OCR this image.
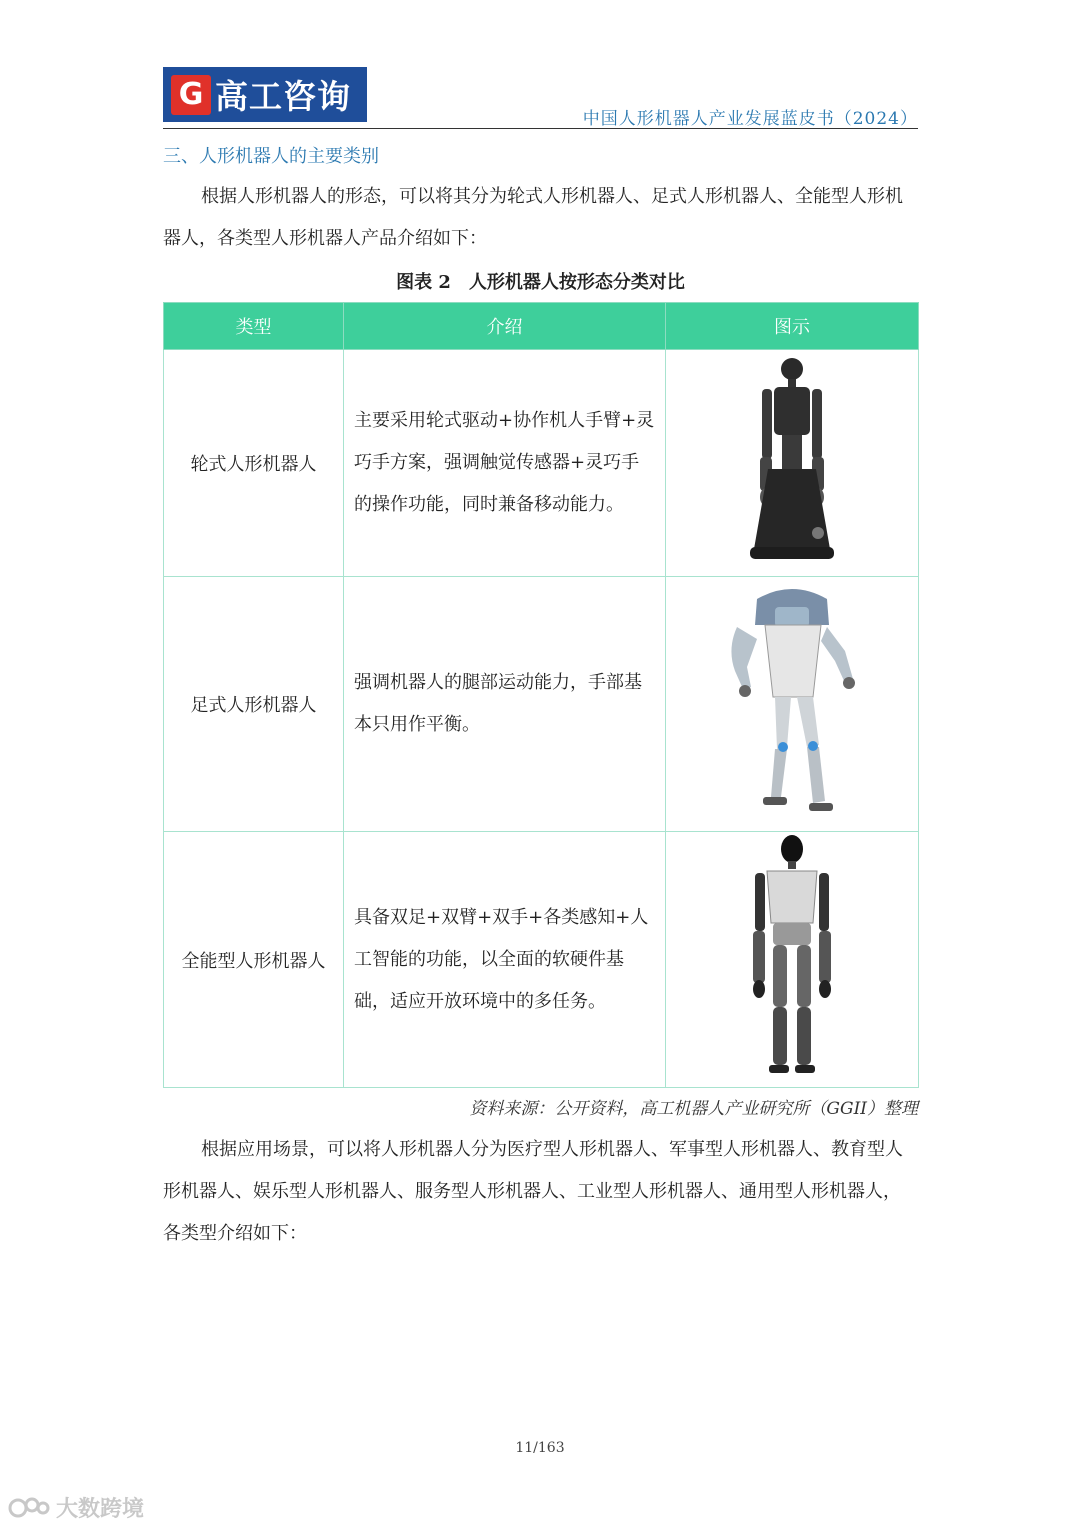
G 高工咨询
中国人形机器人产业发展蓝皮书（2024）
三、人形机器人的主要类别
根据人形机器人的形态，可以将其分为轮式人形机器人、足式人形机器人、全能型人形机器人，各类型人形机器人产品介绍如下：
图表 2　人形机器人按形态分类对比
类型	介绍	图示
轮式人形机器人	主要采用轮式驱动+协作机人手臂+灵巧手方案，强调触觉传感器+灵巧手的操作功能，同时兼备移动能力。	
足式人形机器人	强调机器人的腿部运动能力，手部基本只用作平衡。	
全能型人形机器人	具备双足+双臂+双手+各类感知+人工智能的功能，以全面的软硬件基础，适应开放环境中的多任务。	
资料来源：公开资料，高工机器人产业研究所（GGII）整理
根据应用场景，可以将人形机器人分为医疗型人形机器人、军事型人形机器人、教育型人形机器人、娱乐型人形机器人、服务型人形机器人、工业型人形机器人、通用型人形机器人，各类型介绍如下：
11/163
大数跨境
